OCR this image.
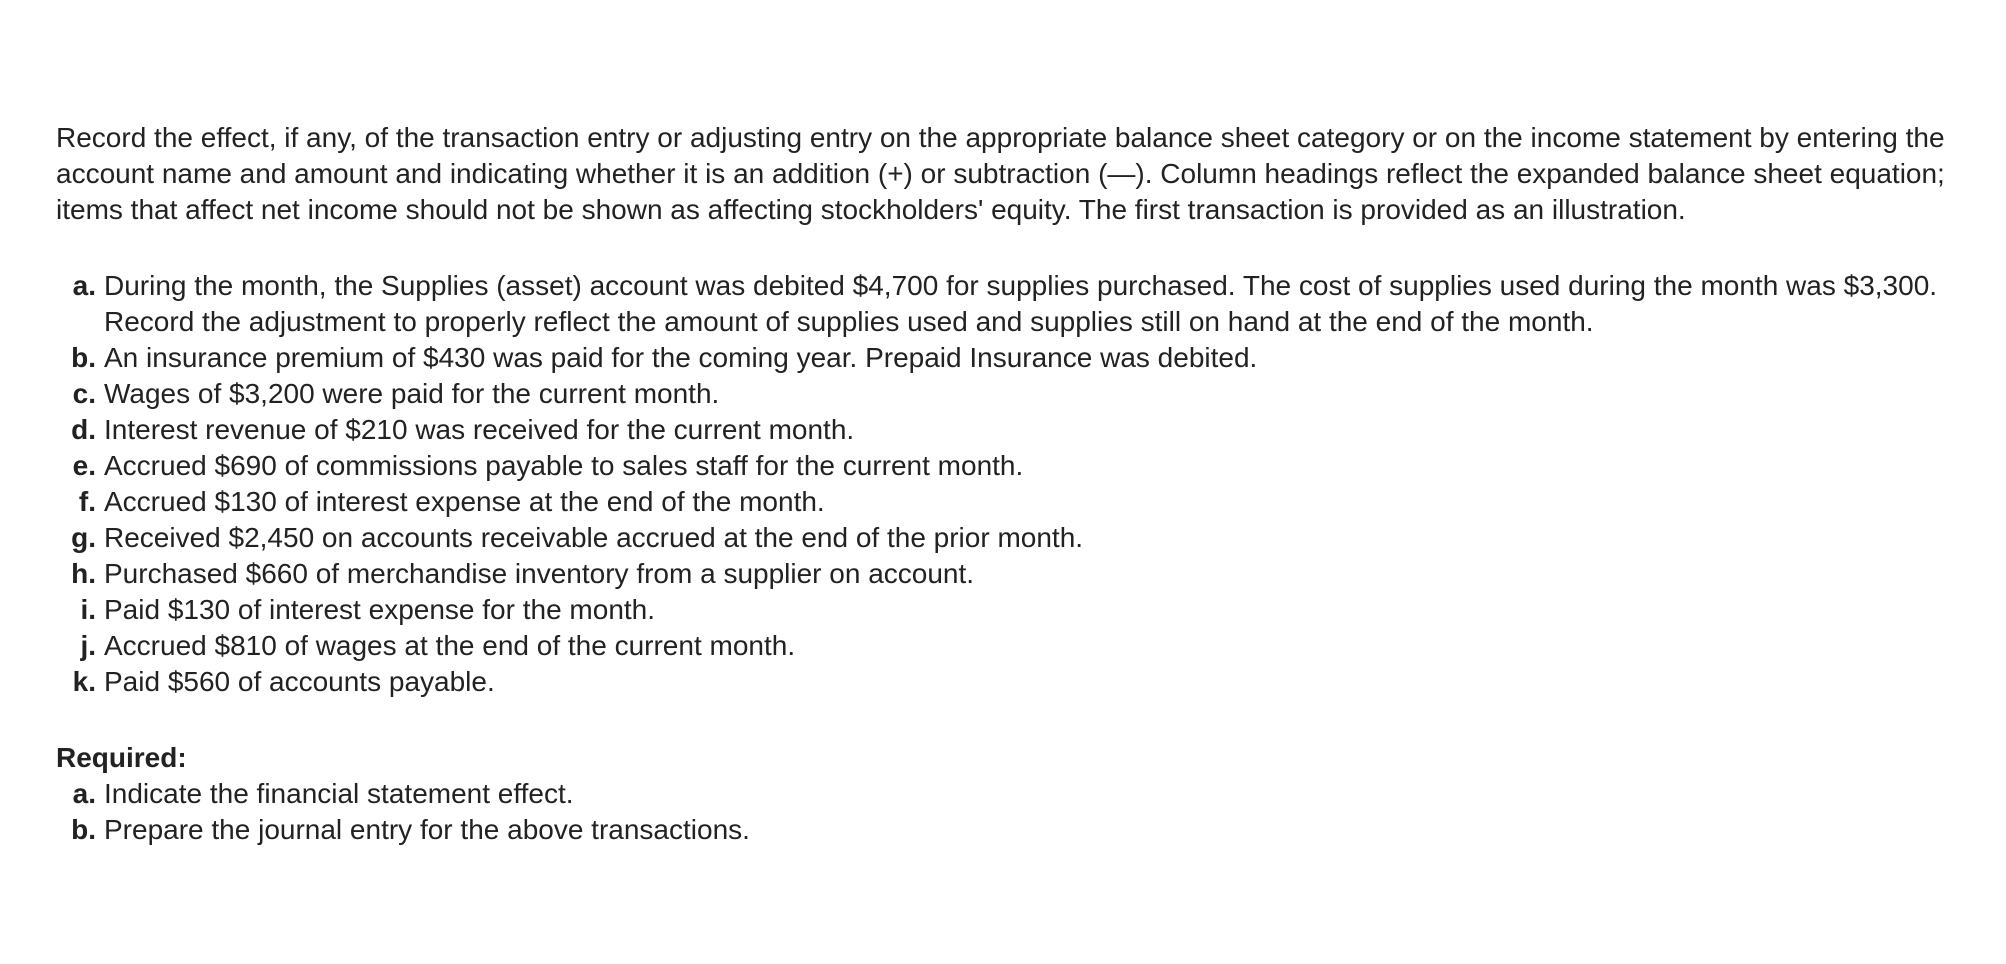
Record the effect, if any, of the transaction entry or adjusting entry on the appropriate balance sheet category or on the income statement by entering the account name and amount and indicating whether it is an addition (+) or subtraction (—). Column headings reflect the expanded balance sheet equation; items that affect net income should not be shown as affecting stockholders' equity. The first transaction is provided as an illustration.

a. During the month, the Supplies (asset) account was debited $4,700 for supplies purchased. The cost of supplies used during the month was $3,300. Record the adjustment to properly reflect the amount of supplies used and supplies still on hand at the end of the month.
b. An insurance premium of $430 was paid for the coming year. Prepaid Insurance was debited.
c. Wages of $3,200 were paid for the current month.
d. Interest revenue of $210 was received for the current month.
e. Accrued $690 of commissions payable to sales staff for the current month.
f. Accrued $130 of interest expense at the end of the month.
g. Received $2,450 on accounts receivable accrued at the end of the prior month.
h. Purchased $660 of merchandise inventory from a supplier on account.
i. Paid $130 of interest expense for the month.
j. Accrued $810 of wages at the end of the current month.
k. Paid $560 of accounts payable.

Required:

a. Indicate the financial statement effect.
b. Prepare the journal entry for the above transactions.
